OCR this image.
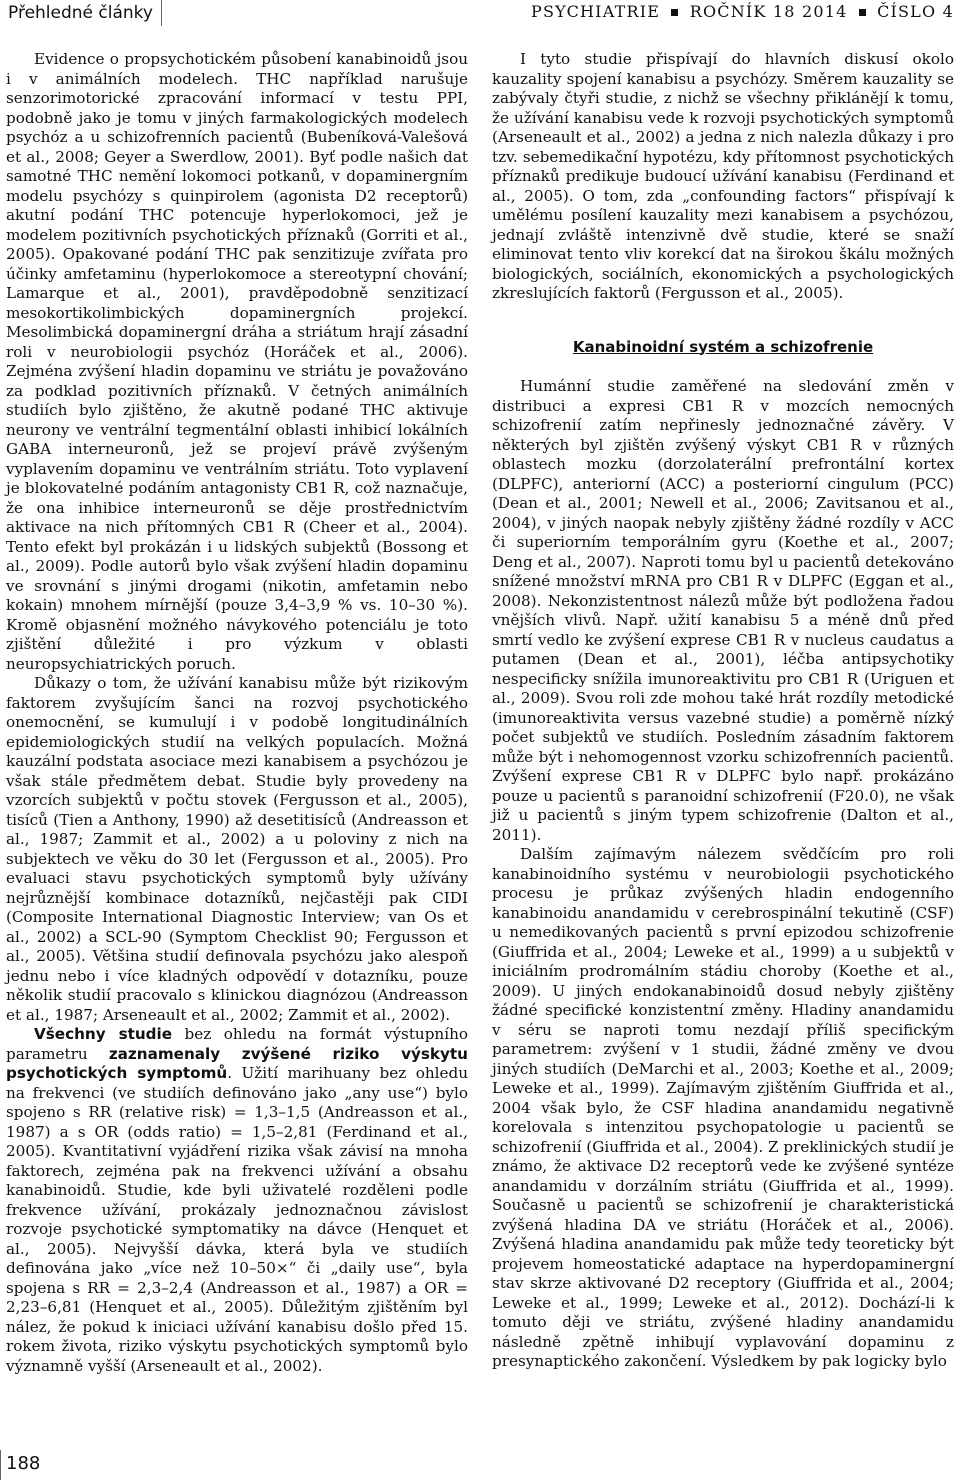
Přehledné články	PSYCHIATRIE ROČNÍK 18 2014 ČÍSLO 4

Evidence o propsychotickém působení kanabinoidů jsou i v animálních modelech. THC například narušuje senzorimotorické zpracování informací v testu PPI, podobně jako je tomu v jiných farmakologických modelech psychóz a u schizofrenních pacientů (Bubeníková-Valešová et al., 2008; Geyer a Swerdlow, 2001). Byť podle našich dat samotné THC nemění lokomoci potkanů, v dopaminergním modelu psychózy s quinpirolem (agonista D2 receptorů) akutní podání THC potencuje hyperlokomoci, jež je modelem pozitivních psychotických příznaků (Gorriti et al., 2005). Opakované podání THC pak senzitizuje zvířata pro účinky amfetaminu (hyperlokomoce a stereotypní chování; Lamarque et al., 2001), pravděpodobně senzitizací mesokortikolimbických dopaminergních projekcí. Mesolimbická dopaminergní dráha a striátum hrají zásadní roli v neurobiologii psychóz (Horáček et al., 2006). Zejména zvýšení hladin dopaminu ve striátu je považováno za podklad pozitivních příznaků. V četných animálních studiích bylo zjištěno, že akutně podané THC aktivuje neurony ve ventrální tegmentální oblasti inhibicí lokálních GABA interneuronů, jež se projeví právě zvýšeným vyplavením dopaminu ve ventrálním striátu. Toto vyplavení je blokovatelné podáním antagonisty CB1 R, což naznačuje, že ona inhibice interneuronů se děje prostřednictvím aktivace na nich přítomných CB1 R (Cheer et al., 2004). Tento efekt byl prokázán i u lidských subjektů (Bossong et al., 2009). Podle autorů bylo však zvýšení hladin dopaminu ve srovnání s jinými drogami (nikotin, amfetamin nebo kokain) mnohem mírnější (pouze 3,4–3,9 % vs. 10–30 %). Kromě objasnění možného návykového potenciálu je toto zjištění důležité i pro výzkum v oblasti neuropsychiatrických poruch.

Důkazy o tom, že užívání kanabisu může být rizikovým faktorem zvyšujícím šanci na rozvoj psychotického onemocnění, se kumulují i v podobě longitudinálních epidemiologických studií na velkých populacích. Možná kauzální podstata asociace mezi kanabisem a psychózou je však stále předmětem debat. Studie byly provedeny na vzorcích subjektů v počtu stovek (Fergusson et al., 2005), tisíců (Tien a Anthony, 1990) až desetitisíců (Andreasson et al., 1987; Zammit et al., 2002) a u poloviny z nich na subjektech ve věku do 30 let (Fergusson et al., 2005). Pro evaluaci stavu psychotických symptomů byly užívány nejrůznější kombinace dotazníků, nejčastěji pak CIDI (Composite International Diagnostic Interview; van Os et al., 2002) a SCL-90 (Symptom Checklist 90; Fergusson et al., 2005). Většina studií definovala psychózu jako alespoň jednu nebo i více kladných odpovědí v dotazníku, pouze několik studií pracovalo s klinickou diagnózou (Andreasson et al., 1987; Arseneault et al., 2002; Zammit et al., 2002).

Všechny studie bez ohledu na formát výstupního parametru zaznamenaly zvýšené riziko výskytu psychotických symptomů. Užití marihuany bez ohledu na frekvenci (ve studiích definováno jako „any use“) bylo spojeno s RR (relative risk) = 1,3–1,5 (Andreasson et al., 1987) a s OR (odds ratio) = 1,5–2,81 (Ferdinand et al., 2005). Kvantitativní vyjádření rizika však závisí na mnoha faktorech, zejména pak na frekvenci užívání a obsahu kanabinoidů. Studie, kde byli uživatelé rozděleni podle frekvence užívání, prokázaly jednoznačnou závislost rozvoje psychotické symptomatiky na dávce (Henquet et al., 2005). Nejvyšší dávka, která byla ve studiích definována jako „více než 10–50×“ či „daily use“, byla spojena s RR = 2,3–2,4 (Andreasson et al., 1987) a OR = 2,23–6,81 (Henquet et al., 2005). Důležitým zjištěním byl nález, že pokud k iniciaci užívání kanabisu došlo před 15. rokem života, riziko výskytu psychotických symptomů bylo významně vyšší (Arseneault et al., 2002).

I tyto studie přispívají do hlavních diskusí okolo kauzality spojení kanabisu a psychózy. Směrem kauzality se zabývaly čtyři studie, z nichž se všechny přiklánějí k tomu, že užívání kanabisu vede k rozvoji psychotických symptomů (Arseneault et al., 2002) a jedna z nich nalezla důkazy i pro tzv. sebemedikační hypotézu, kdy přítomnost psychotických příznaků predikuje budoucí užívání kanabisu (Ferdinand et al., 2005). O tom, zda „confounding factors“ přispívají k umělému posílení kauzality mezi kanabisem a psychózou, jednají zvláště intenzivně dvě studie, které se snaží eliminovat tento vliv korekcí dat na širokou škálu možných biologických, sociálních, ekonomických a psychologických zkreslujících faktorů (Fergusson et al., 2005).

Kanabinoidní systém a schizofrenie

Humánní studie zaměřené na sledování změn v distribuci a expresi CB1 R v mozcích nemocných schizofrenií zatím nepřinesly jednoznačné závěry. V některých byl zjištěn zvýšený výskyt CB1 R v různých oblastech mozku (dorzolaterální prefrontální kortex (DLPFC), anteriorní (ACC) a posteriorní cingulum (PCC) (Dean et al., 2001; Newell et al., 2006; Zavitsanou et al., 2004), v jiných naopak nebyly zjištěny žádné rozdíly v ACC či superiorním temporálním gyru (Koethe et al., 2007; Deng et al., 2007). Naproti tomu byl u pacientů detekováno snížené množství mRNA pro CB1 R v DLPFC (Eggan et al., 2008). Nekonzistentnost nálezů může být podložena řadou vnějších vlivů. Např. užití kanabisu 5 a méně dnů před smrtí vedlo ke zvýšení exprese CB1 R v nucleus caudatus a putamen (Dean et al., 2001), léčba antipsychotiky nespecificky snížila imunoreaktivitu pro CB1 R (Uriguen et al., 2009). Svou roli zde mohou také hrát rozdíly metodické (imunoreaktivita versus vazebné studie) a poměrně nízký počet subjektů ve studiích. Posledním zásadním faktorem může být i nehomogennost vzorku schizofrenních pacientů. Zvýšení exprese CB1 R v DLPFC bylo např. prokázáno pouze u pacientů s paranoidní schizofrenií (F20.0), ne však již u pacientů s jiným typem schizofrenie (Dalton et al., 2011).

Dalším zajímavým nálezem svědčícím pro roli kanabinoidního systému v neurobiologii psychotického procesu je průkaz zvýšených hladin endogenního kanabinoidu anandamidu v cerebrospinální tekutině (CSF) u nemedikovaných pacientů s první epizodou schizofrenie (Giuffrida et al., 2004; Leweke et al., 1999) a u subjektů v iniciálním prodromálním stádiu choroby (Koethe et al., 2009). U jiných endokanabinoidů dosud nebyly zjištěny žádné specifické konzistentní změny. Hladiny anandamidu v séru se naproti tomu nezdají příliš specifickým parametrem: zvýšení v 1 studii, žádné změny ve dvou jiných studiích (DeMarchi et al., 2003; Koethe et al., 2009; Leweke et al., 1999). Zajímavým zjištěním Giuffrida et al., 2004 však bylo, že CSF hladina anandamidu negativně korelovala s intenzitou psychopatologie u pacientů se schizofrenií (Giuffrida et al., 2004). Z preklinických studií je známo, že aktivace D2 receptorů vede ke zvýšené syntéze anandamidu v dorzálním striátu (Giuffrida et al., 1999). Současně u pacientů se schizofrenií je charakteristická zvýšená hladina DA ve striátu (Horáček et al., 2006). Zvýšená hladina anandamidu pak může tedy teoreticky být projevem homeostatické adaptace na hyperdopaminergní stav skrze aktivované D2 receptory (Giuffrida et al., 2004; Leweke et al., 1999; Leweke et al., 2012). Dochází-li k tomuto ději ve striátu, zvýšené hladiny anandamidu následně zpětně inhibují vyplavování dopaminu z presynaptického zakončení. Výsledkem by pak logicky bylo

188
